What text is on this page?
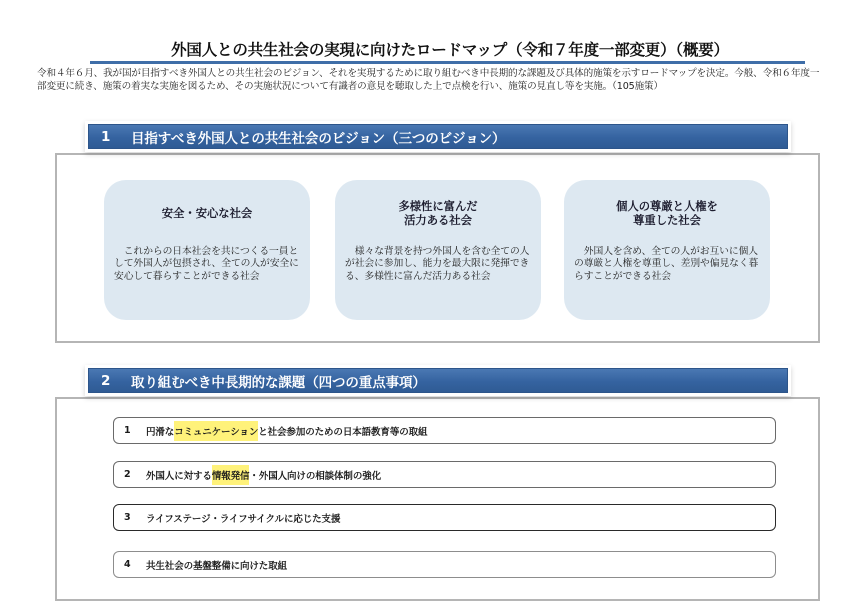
外国人との共生社会の実現に向けたロードマップ（令和７年度一部変更）（概要）

令和４年６月、我が国が目指すべき外国人との共生社会のビジョン、それを実現するために取り組むべき中長期的な課題及び具体的施策を示すロードマップを決定。今般、令和６年度一部変更に続き、施策の着実な実施を図るため、その実施状況について有識者の意見を聴取した上で点検を行い、施策の見直し等を実施。（105施策）

1	目指すべき外国人との共生社会のビジョン（三つのビジョン）
安全・安心な社会

これからの日本社会を共につくる一員として外国人が包摂され、全ての人が安全に安心して暮らすことができる社会

多様性に富んだ
活力ある社会

様々な背景を持つ外国人を含む全ての人が社会に参加し、能力を最大限に発揮できる、多様性に富んだ活力ある社会

個人の尊厳と人権を
尊重した社会

外国人を含め、全ての人がお互いに個人の尊厳と人権を尊重し、差別や偏見なく暮らすことができる社会

2	取り組むべき中長期的な課題（四つの重点事項）
1	円滑な コミュニケーション と社会参加のための日本語教育等の取組
2	外国人に対する 情報発信 ・外国人向けの相談体制の強化
3	ライフステージ・ライフサイクルに応じた支援
4	共生社会の基盤整備に向けた取組
